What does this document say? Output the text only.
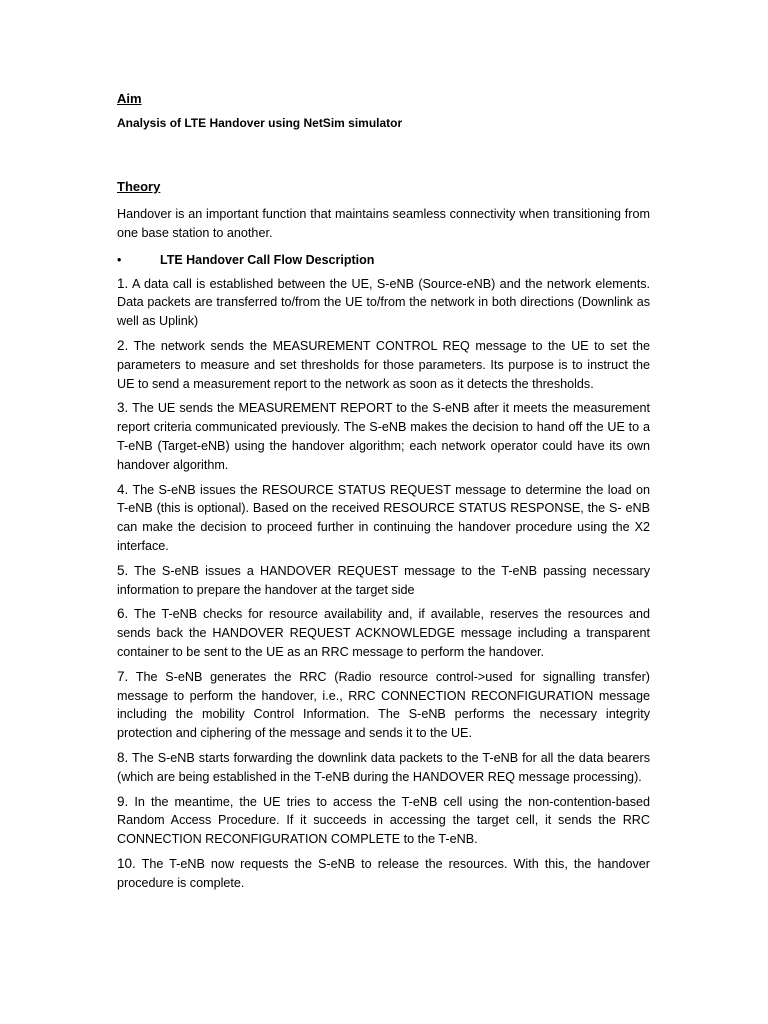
Aim

Analysis of LTE Handover using NetSim simulator

Theory

Handover is an important function that maintains seamless connectivity when transitioning from one base station to another.

•	LTE Handover Call Flow Description

1. A data call is established between the UE, S-eNB (Source-eNB) and the network elements. Data packets are transferred to/from the UE to/from the network in both directions (Downlink as well as Uplink)

2. The network sends the MEASUREMENT CONTROL REQ message to the UE to set the parameters to measure and set thresholds for those parameters. Its purpose is to instruct the UE to send a measurement report to the network as soon as it detects the thresholds.

3. The UE sends the MEASUREMENT REPORT to the S-eNB after it meets the measurement report criteria communicated previously. The S-eNB makes the decision to hand off the UE to a T-eNB (Target-eNB) using the handover algorithm; each network operator could have its own handover algorithm.

4. The S-eNB issues the RESOURCE STATUS REQUEST message to determine the load on T-eNB (this is optional). Based on the received RESOURCE STATUS RESPONSE, the S- eNB can make the decision to proceed further in continuing the handover procedure using the X2 interface.

5. The S-eNB issues a HANDOVER REQUEST message to the T-eNB passing necessary information to prepare the handover at the target side

6. The T-eNB checks for resource availability and, if available, reserves the resources and sends back the HANDOVER REQUEST ACKNOWLEDGE message including a transparent container to be sent to the UE as an RRC message to perform the handover.

7. The S-eNB generates the RRC (Radio resource control->used for signalling transfer) message to perform the handover, i.e., RRC CONNECTION RECONFIGURATION message including the mobility Control Information. The S-eNB performs the necessary integrity protection and ciphering of the message and sends it to the UE.

8. The S-eNB starts forwarding the downlink data packets to the T-eNB for all the data bearers (which are being established in the T-eNB during the HANDOVER REQ message processing).

9. In the meantime, the UE tries to access the T-eNB cell using the non-contention-based Random Access Procedure. If it succeeds in accessing the target cell, it sends the RRC CONNECTION RECONFIGURATION COMPLETE to the T-eNB.

10. The T-eNB now requests the S-eNB to release the resources. With this, the handover procedure is complete.
